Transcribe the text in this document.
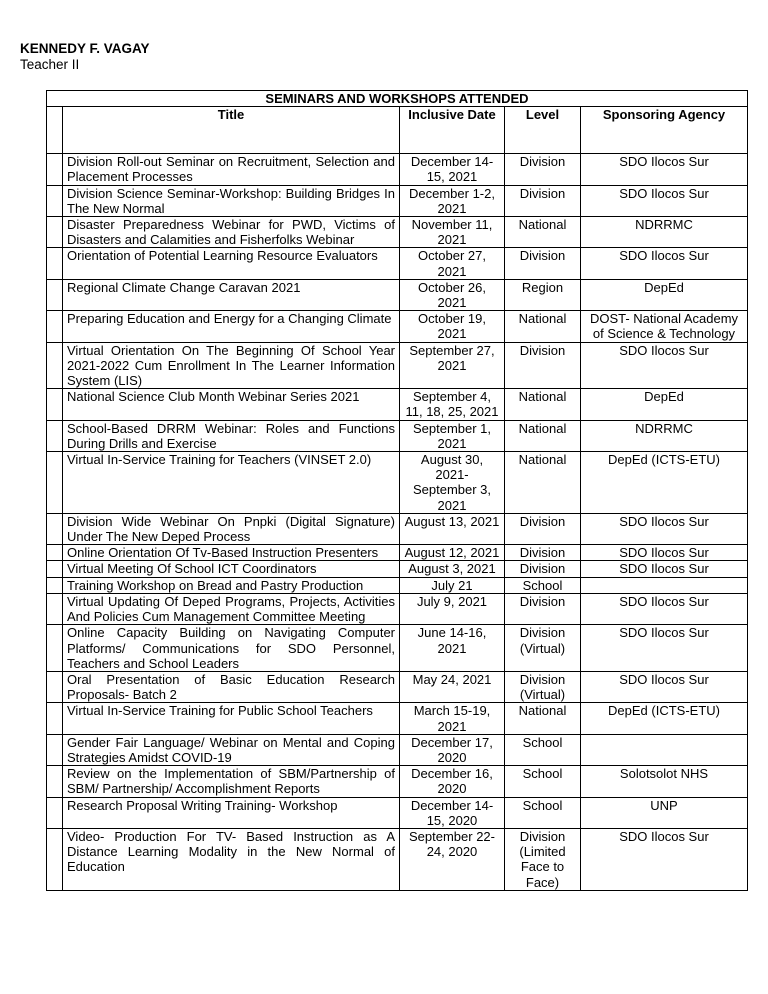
KENNEDY F. VAGAY
Teacher II
SEMINARS AND WORKSHOPS ATTENDED				
	Title	Inclusive Date	Level	Sponsoring Agency
	Division Roll-out Seminar on Recruitment, Selection and Placement Processes	December 14-15, 2021	Division	SDO Ilocos Sur
	Division Science Seminar-Workshop: Building Bridges In The New Normal	December 1-2, 2021	Division	SDO Ilocos Sur
	Disaster Preparedness Webinar for PWD, Victims of Disasters and Calamities and Fisherfolks Webinar	November 11, 2021	National	NDRRMC
	Orientation of Potential Learning Resource Evaluators	October 27, 2021	Division	SDO Ilocos Sur
	Regional Climate Change Caravan 2021	October 26, 2021	Region	DepEd
	Preparing Education and Energy for a Changing Climate	October 19, 2021	National	DOST- National Academy of Science & Technology
	Virtual Orientation On The Beginning Of School Year 2021-2022 Cum Enrollment In The Learner Information System (LIS)	September 27, 2021	Division	SDO Ilocos Sur
	National Science Club Month Webinar Series 2021	September 4, 11, 18, 25, 2021	National	DepEd
	School-Based DRRM Webinar: Roles and Functions During Drills and Exercise	September 1, 2021	National	NDRRMC
	Virtual In-Service Training for Teachers (VINSET 2.0)	August 30, 2021-September 3, 2021	National	DepEd (ICTS-ETU)
	Division Wide Webinar On Pnpki (Digital Signature) Under The New Deped Process	August 13, 2021	Division	SDO Ilocos Sur
	Online Orientation Of Tv-Based Instruction Presenters	August 12, 2021	Division	SDO Ilocos Sur
	Virtual Meeting Of School ICT Coordinators	August 3, 2021	Division	SDO Ilocos Sur
	Training Workshop on Bread and Pastry Production	July 21	School	
	Virtual Updating Of Deped Programs, Projects, Activities And Policies Cum Management Committee Meeting	July 9, 2021	Division	SDO Ilocos Sur
	Online Capacity Building on Navigating Computer Platforms/ Communications for SDO Personnel, Teachers and School Leaders	June 14-16, 2021	Division (Virtual)	SDO Ilocos Sur
	Oral Presentation of Basic Education Research Proposals- Batch 2	May 24, 2021	Division (Virtual)	SDO Ilocos Sur
	Virtual In-Service Training for Public School Teachers	March 15-19, 2021	National	DepEd (ICTS-ETU)
	Gender Fair Language/ Webinar on Mental and Coping Strategies Amidst COVID-19	December 17, 2020	School	
	Review on the Implementation of SBM/Partnership of SBM/ Partnership/ Accomplishment Reports	December 16, 2020	School	Solotsolot NHS
	Research Proposal Writing Training- Workshop	December 14-15, 2020	School	UNP
	Video- Production For TV- Based Instruction as A Distance Learning Modality in the New Normal of Education	September 22-24, 2020	Division (Limited Face to Face)	SDO Ilocos Sur
